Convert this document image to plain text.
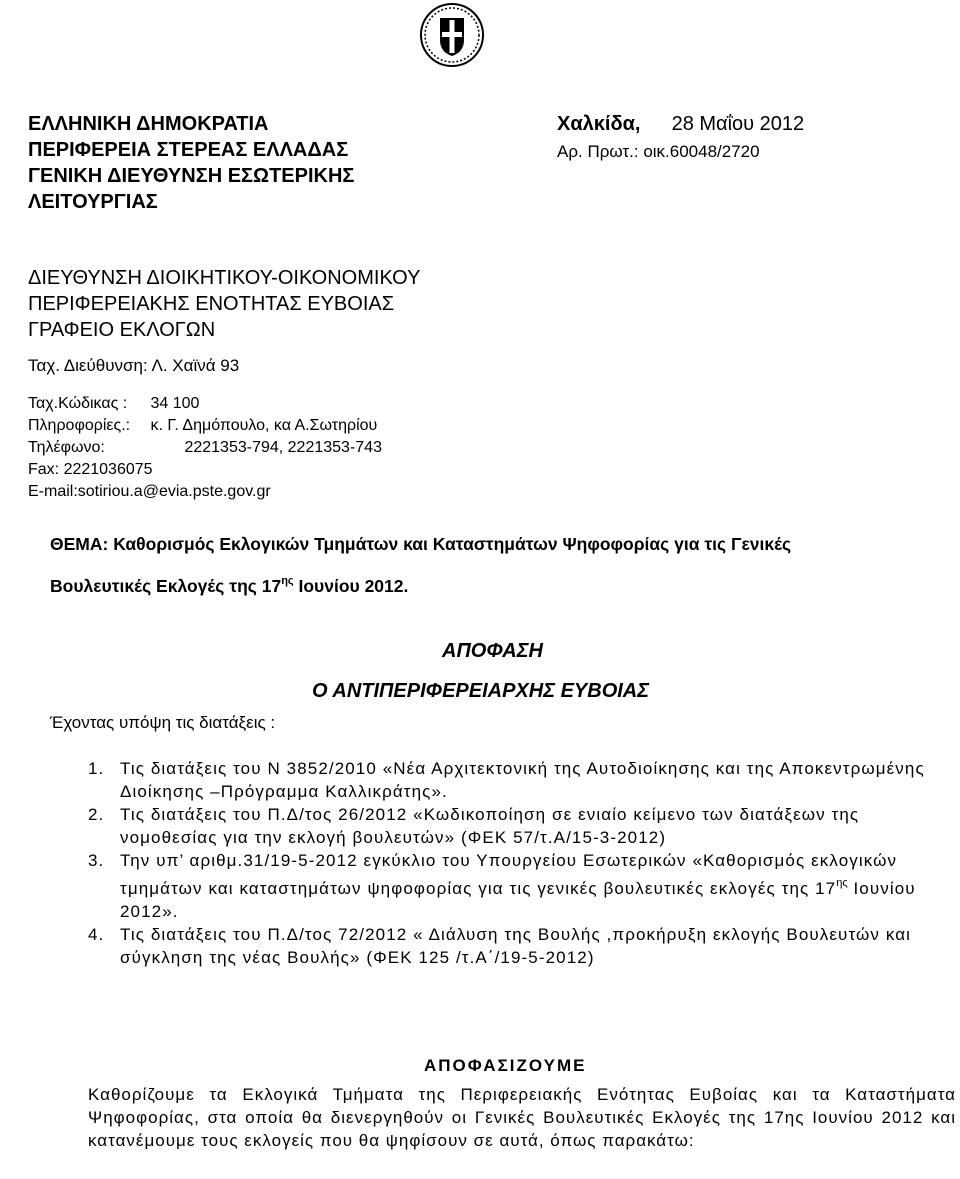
ΕΛΛΗΝΙΚΗ ΔΗΜΟΚΡΑΤΙΑ
ΠΕΡΙΦΕΡΕΙΑ ΣΤΕΡΕΑΣ ΕΛΛΑΔΑΣ
ΓΕΝΙΚΗ ΔΙΕΥΘΥΝΣΗ ΕΣΩΤΕΡΙΚΗΣ
ΛΕΙΤΟΥΡΓΙΑΣ
Χαλκίδα, 28 Μαΐου 2012
Αρ. Πρωτ.: οικ.60048/2720
ΔΙΕΥΘΥΝΣΗ ΔΙΟΙΚΗΤΙΚΟΥ-ΟΙΚΟΝΟΜΙΚΟΥ
ΠΕΡΙΦΕΡΕΙΑΚΗΣ ΕΝΟΤΗΤΑΣ ΕΥΒΟΙΑΣ
ΓΡΑΦΕΙΟ ΕΚΛΟΓΩΝ
Ταχ. Διεύθυνση: Λ. Χαϊνά 93
Ταχ.Κώδικας : 34 100
Πληροφορίες.: κ. Γ. Δημόπουλο, κα Α.Σωτηρίου
Τηλέφωνο:	2221353-794, 2221353-743
Fax: 2221036075
E-mail:sotiriou.a@evia.pste.gov.gr
ΘΕΜΑ: Καθορισμός Εκλογικών Τμημάτων και Καταστημάτων Ψηφοφορίας για τις Γενικές
Βουλευτικές Εκλογές της $17^{\eta\varsigma}$ Ιουνίου 2012.
ΑΠΟΦΑΣΗ
Ο ΑΝΤΙΠΕΡΙΦΕΡΕΙΑΡΧΗΣ ΕΥΒΟΙΑΣ
Έχοντας υπόψη τις διατάξεις :
1. Τις διατάξεις του Ν 3852/2010 «Νέα Αρχιτεκτονική της Αυτοδιοίκησης και της Αποκεντρωμένης Διοίκησης –Πρόγραμμα Καλλικράτης».
2. Τις διατάξεις του Π.Δ/τος 26/2012 «Κωδικοποίηση σε ενιαίο κείμενο των διατάξεων της νομοθεσίας για την εκλογή βουλευτών» (ΦΕΚ 57/τ.Α/15-3-2012)
3. Την υπ’ αριθμ.31/19-5-2012 εγκύκλιο του Υπουργείου Εσωτερικών «Καθορισμός εκλογικών τμημάτων και καταστημάτων ψηφοφορίας για τις γενικές βουλευτικές εκλογές της $17^{\eta\varsigma}$ Ιουνίου 2012».
4. Τις διατάξεις του Π.Δ/τος 72/2012 « Διάλυση της Βουλής ,προκήρυξη εκλογής Βουλευτών και σύγκληση της νέας Βουλής» (ΦΕΚ 125 /τ.Α΄/19-5-2012)
ΑΠΟΦΑΣΙΖΟΥΜΕ
Καθορίζουμε τα Εκλογικά Τμήματα της Περιφερειακής Ενότητας Ευβοίας και τα Καταστήματα Ψηφοφορίας, στα οποία θα διενεργηθούν οι Γενικές Βουλευτικές Εκλογές της 17ης Ιουνίου 2012 και κατανέμουμε τους εκλογείς που θα ψηφίσουν σε αυτά, όπως παρακάτω:
